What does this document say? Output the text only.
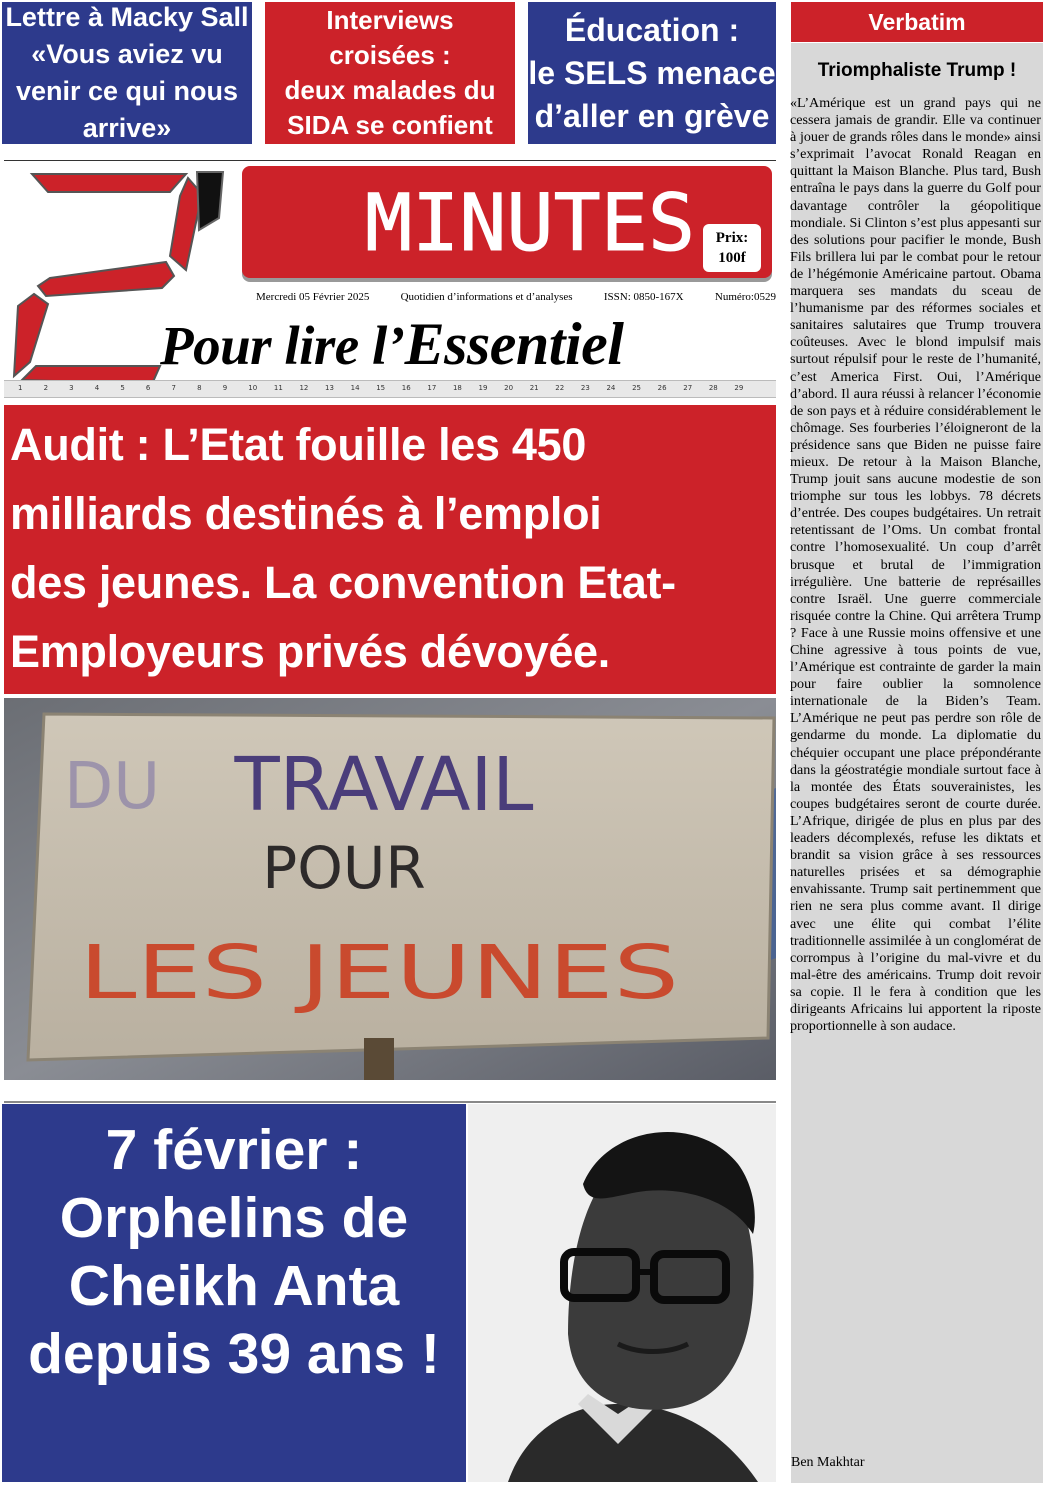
Lettre à Macky Sall
«Vous aviez vu
venir ce qui nous
arrive»
Interviews
croisées :
deux malades du
SIDA se confient
Éducation :
le SELS menace
d’aller en grève
MINUTES	Prix:
100f
Mercredi 05 Février 2025	Quotidien d’informations et d’analyses	ISSN: 0850-167X	Numéro:0529
Pour lire l’Essentiel
1	2	3	4	5	6	7	8	9	10 11 12 13 14 15 16 17 18 19 20 21 22 23 24 25 26 27 28 29
Audit : L’Etat fouille les 450
milliards destinés à l’emploi
des jeunes. La convention Etat-
Employeurs privés dévoyée.
DU TRAVAIL
POUR
LES JEUNES
7 février :
Orphelins de
Cheikh Anta
depuis 39 ans !
Verbatim
Triomphaliste Trump !
«L’Amérique est un grand pays qui ne cessera jamais de grandir. Elle va continuer à jouer de grands rôles dans le monde» ainsi s’exprimait l’avocat Ronald Reagan en quittant la Maison Blanche. Plus tard, Bush entraîna le pays dans la guerre du Golf pour davantage contrôler la géopolitique mondiale. Si Clinton s’est plus appesanti sur des solutions pour pacifier le monde, Bush Fils brillera lui par le combat pour le retour de l’hégémonie Américaine partout. Obama marquera ses mandats du sceau de l’humanisme par des réformes sociales et sanitaires salutaires que Trump trouvera coûteuses. Avec le blond impulsif mais surtout répulsif pour le reste de l’humanité, c’est America First. Oui, l’Amérique d’abord. Il aura réussi à relancer l’économie de son pays et à réduire considérablement le chômage. Ses fourberies l’éloigneront de la présidence sans que Biden ne puisse faire mieux. De retour à la Maison Blanche, Trump jouit sans aucune modestie de son triomphe sur tous les lobbys. 78 décrets d’entrée. Des coupes budgétaires. Un retrait retentissant de l’Oms. Un combat frontal contre l’homosexualité. Un coup d’arrêt brusque et brutal de l’immigration irrégulière. Une batterie de représailles contre Israël. Une guerre commerciale risquée contre la Chine. Qui arrêtera Trump ? Face à une Russie moins offensive et une Chine agressive à tous points de vue, l’Amérique est contrainte de garder la main pour faire oublier la somnolence internationale de la Biden’s Team. L’Amérique ne peut pas perdre son rôle de gendarme du monde. La diplomatie du chéquier occupant une place prépondérante dans la géostratégie mondiale surtout face à la montée des États souverainistes, les coupes budgétaires seront de courte durée. L’Afrique, dirigée de plus en plus par des leaders décomplexés, refuse les diktats et brandit sa vision grâce à ses ressources naturelles prisées et sa démographie envahissante. Trump sait pertinemment que rien ne sera plus comme avant. Il dirige avec une élite qui combat l’élite traditionnelle assimilée à un conglomérat de corrompus à l’origine du mal-vivre et du mal-être des américains. Trump doit revoir sa copie. Il le fera à condition que les dirigeants Africains lui apportent la riposte proportionnelle à son audace.
Ben Makhtar
